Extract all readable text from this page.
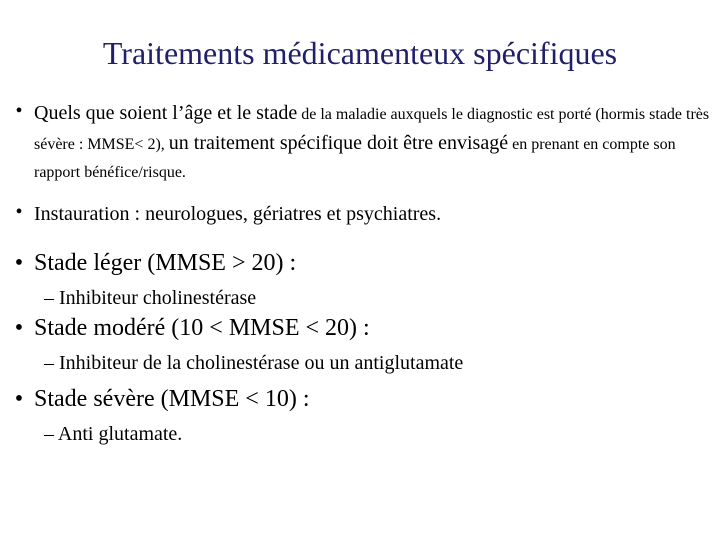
Traitements médicamenteux spécifiques
• Quels que soient l’âge et le stade de la maladie auxquels le diagnostic est porté (hormis stade très sévère : MMSE< 2), un traitement spécifique doit être envisagé en prenant en compte son rapport bénéfice/risque.
• Instauration : neurologues, gériatres et psychiatres.
• Stade léger (MMSE > 20) :
– Inhibiteur cholinestérase
• Stade modéré (10 < MMSE < 20) :
– Inhibiteur de la cholinestérase ou un antiglutamate
• Stade sévère (MMSE < 10) :
– Anti glutamate.
